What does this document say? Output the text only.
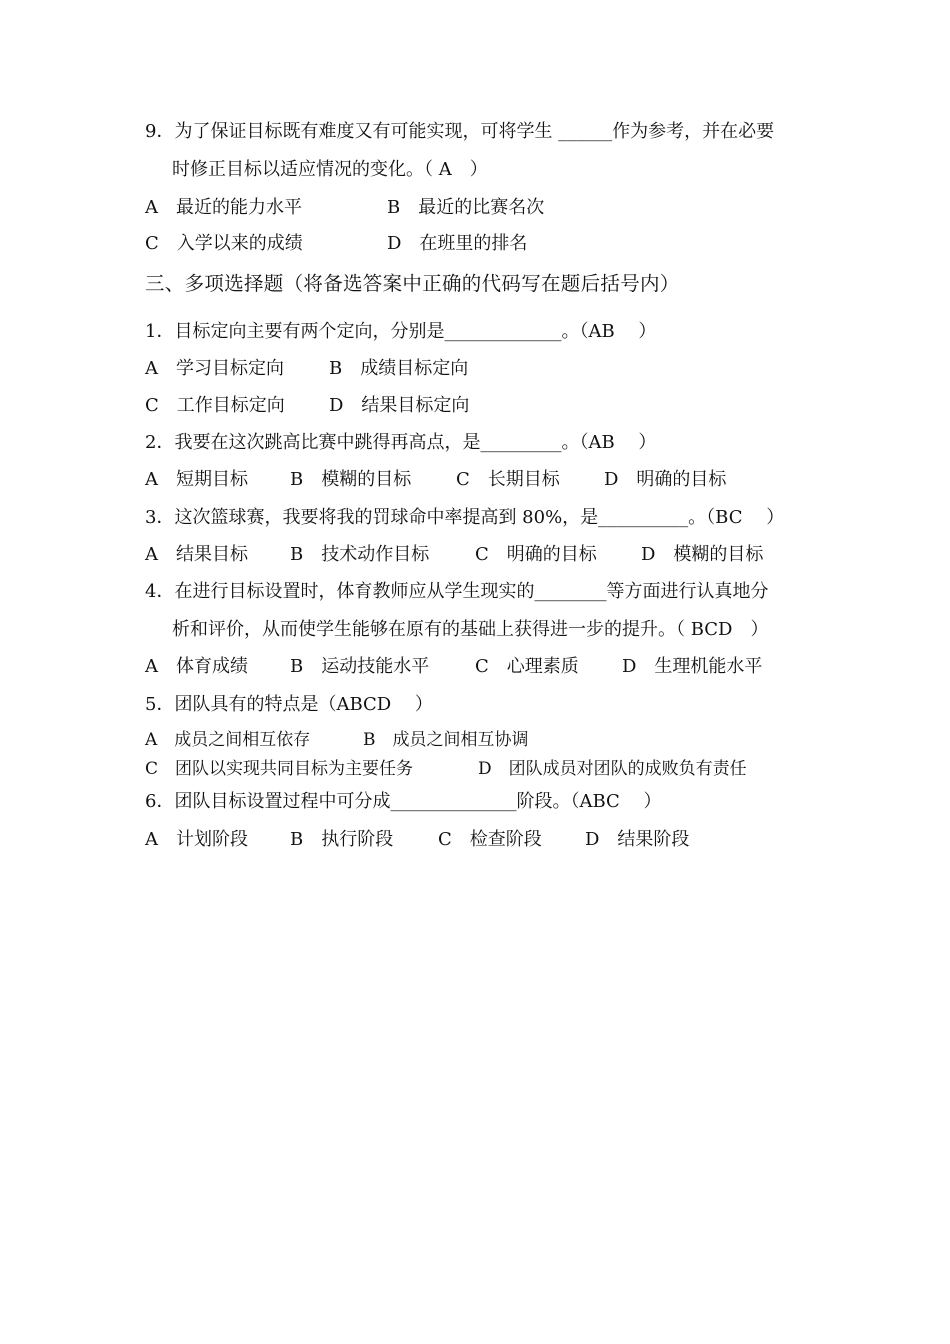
9．为了保证目标既有难度又有可能实现，可将学生 ______作为参考，并在必要
时修正目标以适应情况的变化。（ A　）
A　最近的能力水平	B　最近的比赛名次
C　入学以来的成绩	D　在班里的排名
三、多项选择题（将备选答案中正确的代码写在题后括号内）
1．目标定向主要有两个定向，分别是_____________。（AB　 ）
A　学习目标定向	B　成绩目标定向
C　工作目标定向 D　结果目标定向
2．我要在这次跳高比赛中跳得再高点，是_________。（AB　 ）
A　短期目标 B　模糊的目标 C　长期目标 D　明确的目标
3．这次篮球赛，我要将我的罚球命中率提高到 80%，是__________。（BC　 ）
A　结果目标 B　技术动作目标	C　明确的目标 D　模糊的目标
4．在进行目标设置时，体育教师应从学生现实的________等方面进行认真地分
析和评价，从而使学生能够在原有的基础上获得进一步的提升。（ BCD　）
A　体育成绩 B　运动技能水平	C　心理素质 D　生理机能水平
5．团队具有的特点是（ABCD　 ）
A　成员之间相互依存	B　成员之间相互协调
C　团队以实现共同目标为主要任务	D　团队成员对团队的成败负有责任
6．团队目标设置过程中可分成______________阶段。（ABC　 ）
A　计划阶段 B　执行阶段 C　检查阶段 D　结果阶段
